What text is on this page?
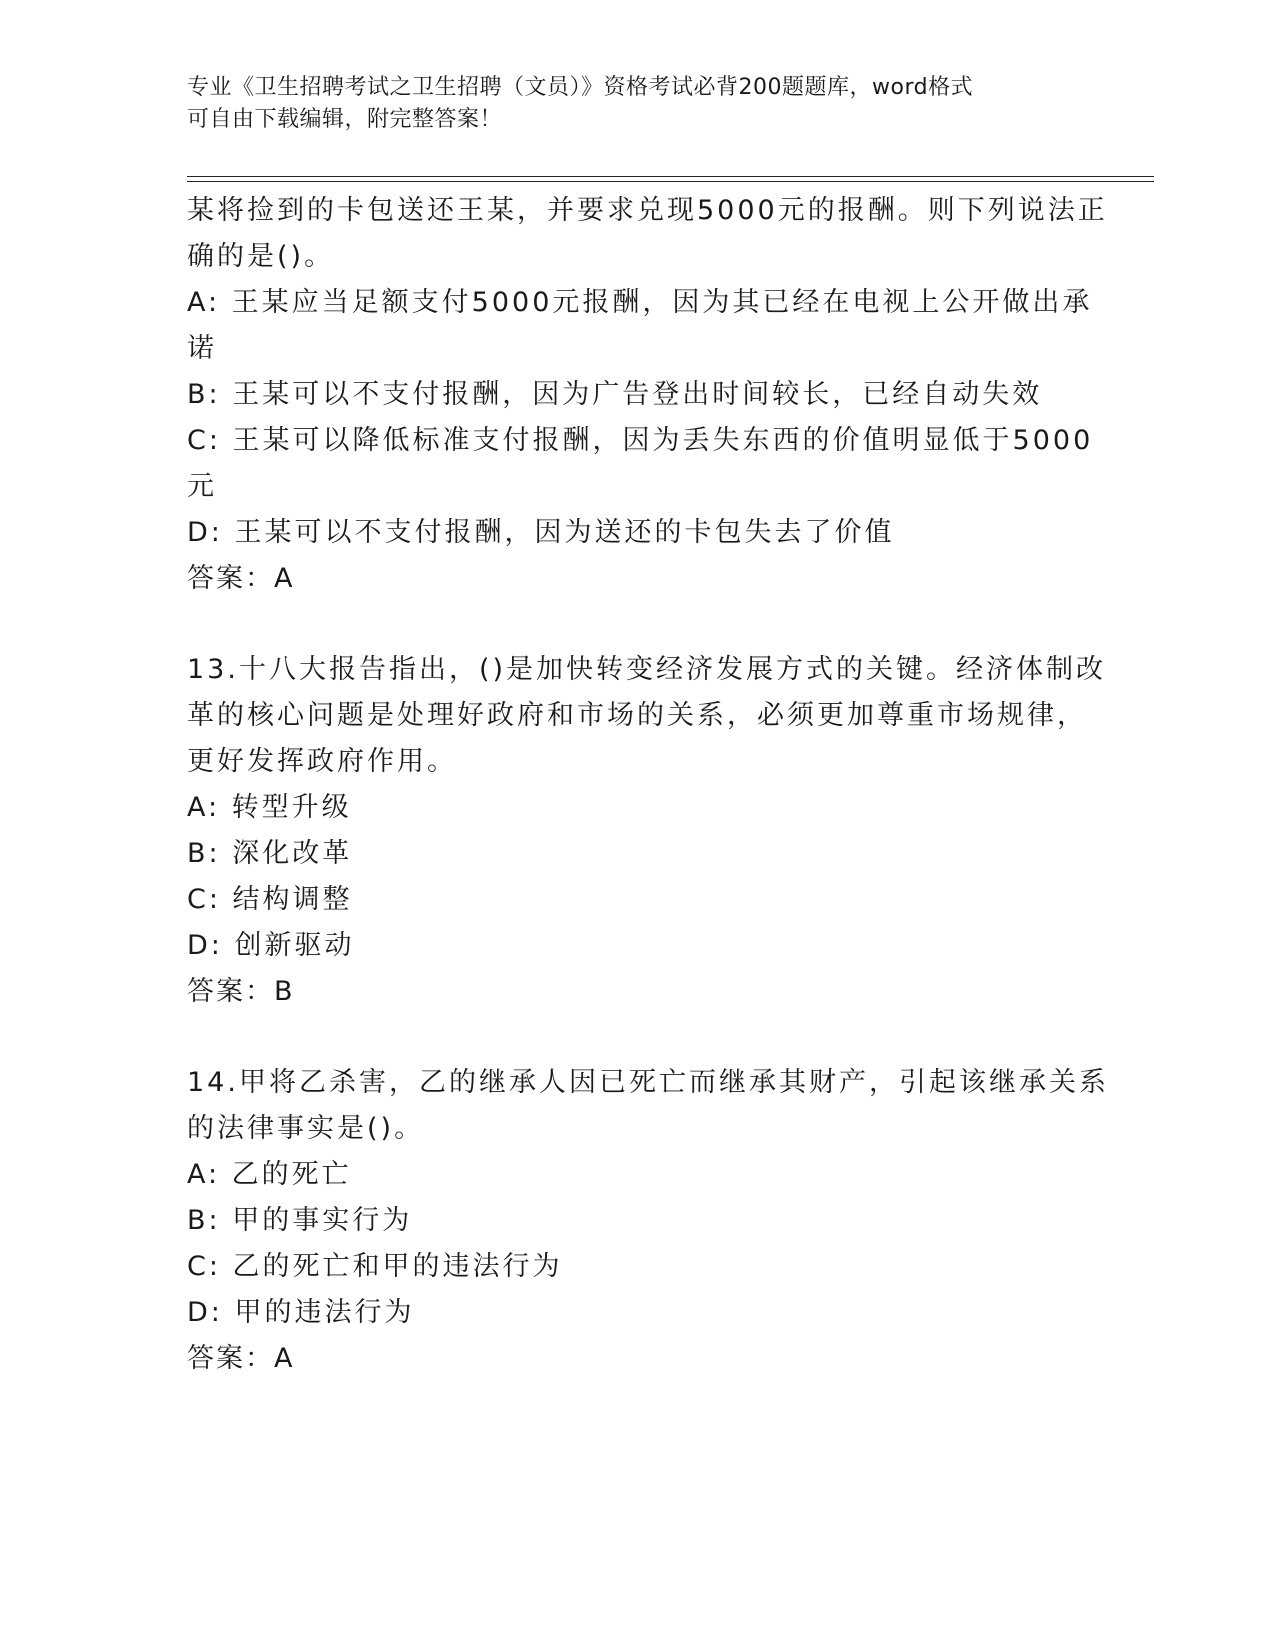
专业《卫生招聘考试之卫生招聘（文员）》资格考试必背200题题库，word格式
可自由下载编辑，附完整答案！
某将捡到的卡包送还王某，并要求兑现5000元的报酬。则下列说法正
确的是()。
A: 王某应当足额支付5000元报酬，因为其已经在电视上公开做出承
诺
B: 王某可以不支付报酬，因为广告登出时间较长，已经自动失效
C: 王某可以降低标准支付报酬，因为丢失东西的价值明显低于5000
元
D: 王某可以不支付报酬，因为送还的卡包失去了价值
答案：A
13.十八大报告指出，()是加快转变经济发展方式的关键。经济体制改
革的核心问题是处理好政府和市场的关系，必须更加尊重市场规律，
更好发挥政府作用。
A: 转型升级
B: 深化改革
C: 结构调整
D: 创新驱动
答案：B
14.甲将乙杀害，乙的继承人因已死亡而继承其财产，引起该继承关系
的法律事实是()。
A: 乙的死亡
B: 甲的事实行为
C: 乙的死亡和甲的违法行为
D: 甲的违法行为
答案：A
